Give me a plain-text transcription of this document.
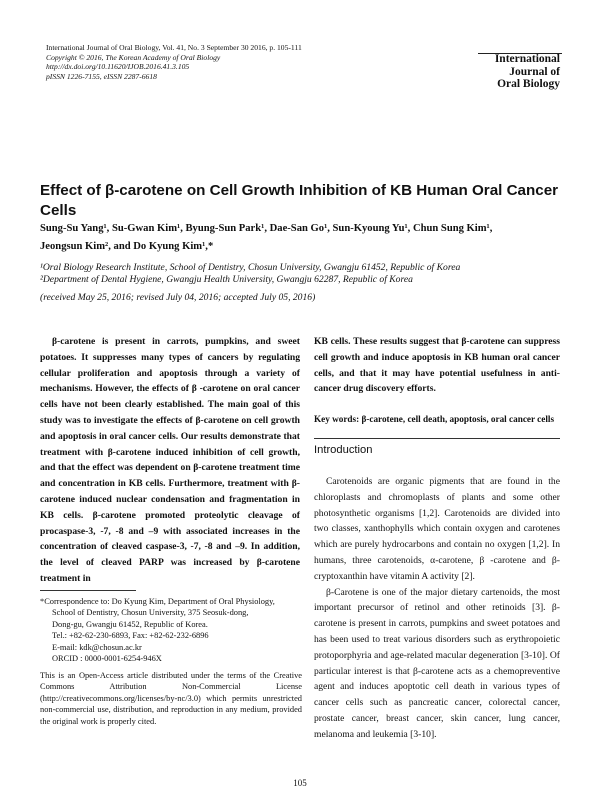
International Journal of Oral Biology, Vol. 41, No. 3 September 30 2016, p. 105-111
Copyright © 2016, The Korean Academy of Oral Biology
http://dx.doi.org/10.11620/IJOB.2016.41.3.105
pISSN 1226-7155, eISSN 2287-6618
International
Journal of
Oral Biology
Effect of β-carotene on Cell Growth Inhibition of KB Human Oral Cancer
Cells
Sung-Su Yang¹, Su-Gwan Kim¹, Byung-Sun Park¹, Dae-San Go¹, Sun-Kyoung Yu¹, Chun Sung Kim¹,
Jeongsun Kim², and Do Kyung Kim¹,*
¹Oral Biology Research Institute, School of Dentistry, Chosun University, Gwangju 61452, Republic of Korea
²Department of Dental Hygiene, Gwangju Health University, Gwangju 62287, Republic of Korea
(received May 25, 2016; revised July 04, 2016; accepted July 05, 2016)

β-carotene is present in carrots, pumpkins, and sweet potatoes. It suppresses many types of cancers by regulating cellular proliferation and apoptosis through a variety of mechanisms. However, the effects of β -carotene on oral cancer cells have not been clearly established. The main goal of this study was to investigate the effects of β-carotene on cell growth and apoptosis in oral cancer cells. Our results demonstrate that treatment with β-carotene induced inhibition of cell growth, and that the effect was dependent on β-carotene treatment time and concentration in KB cells. Furthermore, treatment with β-carotene induced nuclear condensation and fragmentation in KB cells. β-carotene promoted proteolytic cleavage of procaspase-3, -7, -8 and –9 with associated increases in the concentration of cleaved caspase-3, -7, -8 and –9. In addition, the level of cleaved PARP was increased by β-carotene treatment in

*Correspondence to: Do Kyung Kim, Department of Oral Physiology,
School of Dentistry, Chosun University, 375 Seosuk-dong,
Dong-gu, Gwangju 61452, Republic of Korea.
Tel.: +82-62-230-6893, Fax: +82-62-232-6896
E-mail: kdk@chosun.ac.kr
ORCID : 0000-0001-6254-946X
This is an Open-Access article distributed under the terms of the Creative Commons Attribution Non-Commercial License (http://creativecommons.org/licenses/by-nc/3.0) which permits unrestricted non-commercial use, distribution, and reproduction in any medium, provided the original work is properly cited.

KB cells. These results suggest that β-carotene can suppress cell growth and induce apoptosis in KB human oral cancer cells, and that it may have potential usefulness in anti-cancer drug discovery efforts.

Key words: β-carotene, cell death, apoptosis, oral cancer cells

Introduction

Carotenoids are organic pigments that are found in the chloroplasts and chromoplasts of plants and some other photosynthetic organisms [1,2]. Carotenoids are divided into two classes, xanthophylls which contain oxygen and carotenes which are purely hydrocarbons and contain no oxygen [1,2]. In humans, three carotenoids, α-carotene, β -carotene and β-cryptoxanthin have vitamin A activity [2].

β-Carotene is one of the major dietary cartenoids, the most important precursor of retinol and other retinoids [3]. β-carotene is present in carrots, pumpkins and sweet potatoes and has been used to treat various disorders such as erythropoietic protoporphyria and age-related macular degeneration [3-10]. Of particular interest is that β-carotene acts as a chemopreventive agent and induces apoptotic cell death in various types of cancer cells such as pancreatic cancer, colorectal cancer, prostate cancer, breast cancer, skin cancer, lung cancer, melanoma and leukemia [3-10].

105
